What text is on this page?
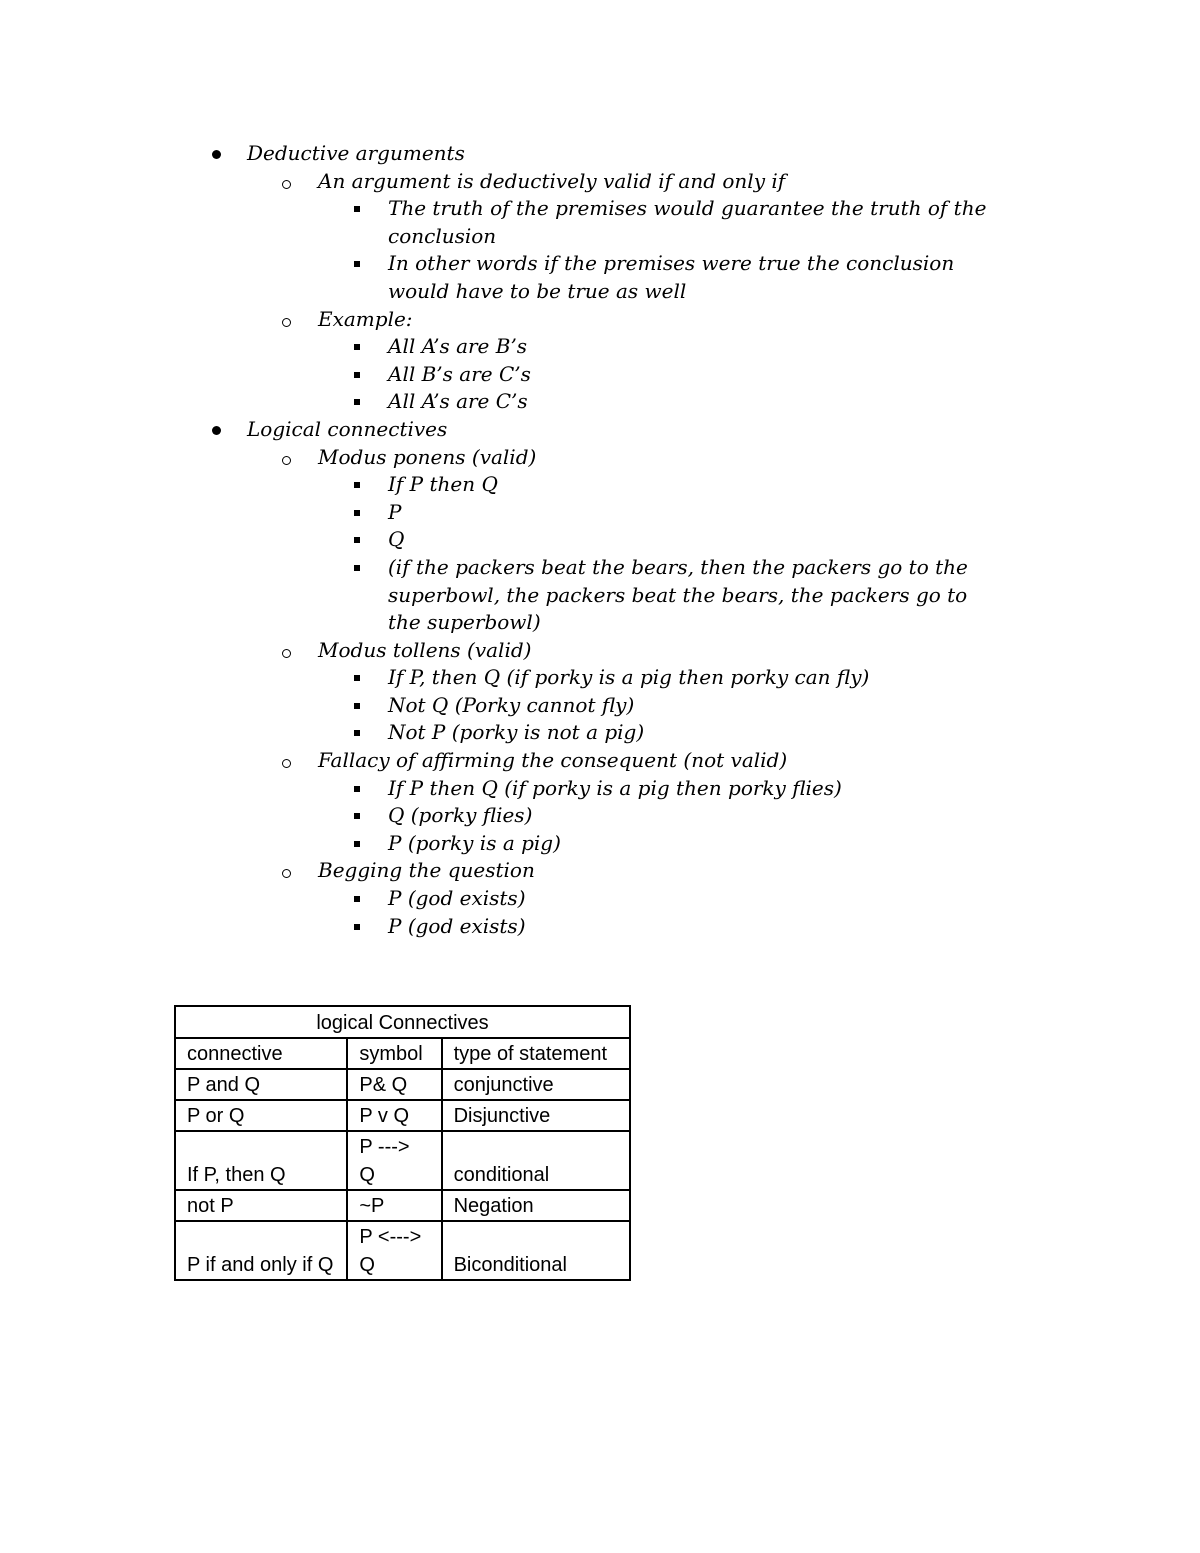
Deductive arguments
An argument is deductively valid if and only if
The truth of the premises would guarantee the truth of the conclusion
In other words if the premises were true the conclusion would have to be true as well
Example:
All A’s are B’s
All B’s are C’s
All A’s are C’s
Logical connectives
Modus ponens (valid)
If P then Q
P
Q
(if the packers beat the bears, then the packers go to the superbowl, the packers beat the bears, the packers go to the superbowl)
Modus tollens (valid)
If P, then Q (if porky is a pig then porky can fly)
Not Q (Porky cannot fly)
Not P (porky is not a pig)
Fallacy of affirming the consequent (not valid)
If P then Q (if porky is a pig then porky flies)
Q (porky flies)
P (porky is a pig)
Begging the question
P (god exists)
P (god exists)
logical Connectives		
connective	symbol	type of statement
P and Q	P& Q	conjunctive
P or Q	P v Q	Disjunctive
If P, then Q	P ---> Q	conditional
not P	~P	Negation
P if and only if Q	P <---> Q	Biconditional
